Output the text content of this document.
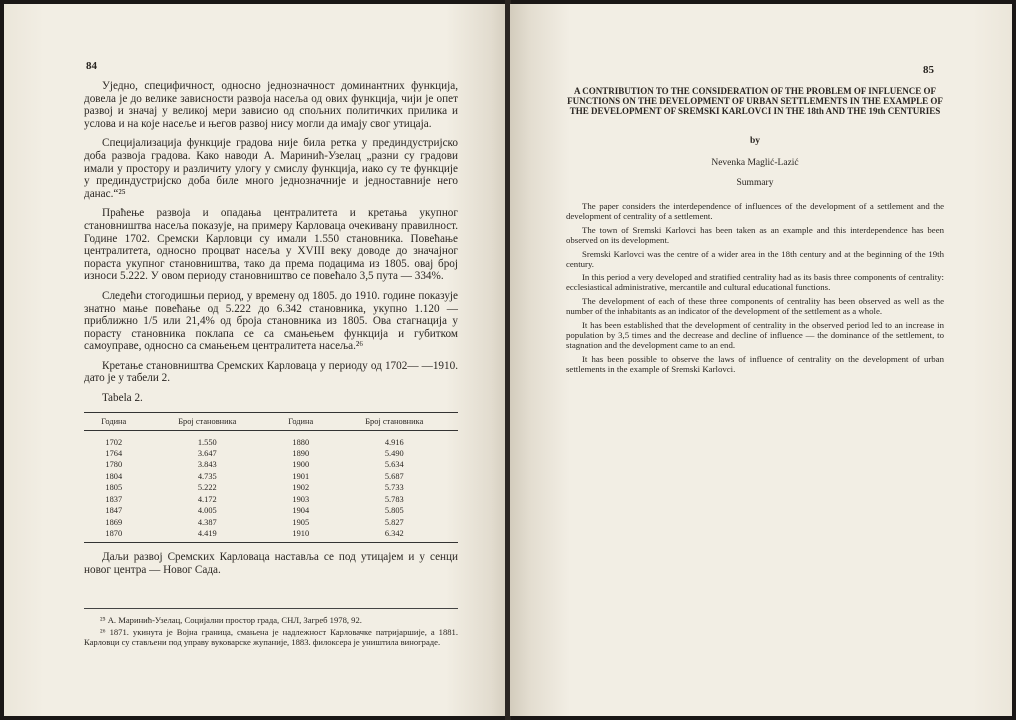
84	85

Уједно, специфичност, односно једнозначност доминантних функција, довела је до велике зависности развоја насеља од ових функција, чији је опет развој и значај у великој мери зависио од спољних политичких прилика и услова и на које насеље и његов развој нису могли да имају свог утицаја.

Специјализација функције градова није била ретка у прединдустријско доба развоја градова. Како наводи А. Маринић-Узелац „разни су градови имали у простору и различиту улогу у смислу функција, иако су те функције у прединдустријско доба биле много једнозначније и једноставније него данас.“²⁵

Праћење развоја и опадања централитета и кретања укупног становништва насеља показује, на примеру Карловаца очекивану правилност. Године 1702. Сремски Карловци су имали 1.550 становника. Повећање централитета, односно процват насеља у XVIII веку доводе до значајног пораста укупног становништва, тако да према подацима из 1805. овај број износи 5.222. У овом периоду становништво се повећало 3,5 пута — 334%.

Следећи стогодишњи период, у времену од 1805. до 1910. године показује знатно мање повећање од 5.222 до 6.342 становника, укупно 1.120 — приближно 1/5 или 21,4% од броја становника из 1805. Ова стагнација у порасту становника поклапа се са смањењем функција и губитком самоуправе, односно са смањењем централитета насеља.²⁶

Кретање становништва Сремских Карловаца у периоду од 1702— —1910. дато је у табели 2.

Tabela 2.

Година	Број становника	Година	Број становника
1702	1.550	1880	4.916
1764	3.647	1890	5.490
1780	3.843	1900	5.634
1804	4.735	1901	5.687
1805	5.222	1902	5.733
1837	4.172	1903	5.783
1847	4.005	1904	5.805
1869	4.387	1905	5.827
1870	4.419	1910	6.342

Даљи развој Сремских Карловаца наставља се под утицајем и у сенци новог центра — Новог Сада.

²⁵ А. Маринић-Узелац, Социјални простор града, СНЛ, Загреб 1978, 92.

²⁶ 1871. укинута је Војна граница, смањена је надлежност Карловачке патријаршије, а 1881. Карловци су стављени под управу вуковарске жупаније, 1883. филоксера је уништила винограде.

A CONTRIBUTION TO THE CONSIDERATION OF THE PROBLEM OF INFLUENCE OF FUNCTIONS ON THE DEVELOPMENT OF URBAN SETTLEMENTS IN THE EXAMPLE OF THE DEVELOPMENT OF SREMSKI KARLOVCI IN THE 18th AND THE 19th CENTURIES

by

Nevenka Maglić-Lazić

Summary

The paper considers the interdependence of influences of the development of a settlement and the development of centrality of a settlement.

The town of Sremski Karlovci has been taken as an example and this interdependence has been observed on its development.

Sremski Karlovci was the centre of a wider area in the 18th century and at the beginning of the 19th century.

In this period a very developed and stratified centrality had as its basis three components of centrality: ecclesiastical administrative, mercantile and cultural educational functions.

The development of each of these three components of centrality has been observed as well as the number of the inhabitants as an indicator of the development of the settlement as a whole.

It has been established that the development of centrality in the observed period led to an increase in population by 3,5 times and the decrease and decline of influence — the dominance of the settlement, to stagnation and the development came to an end.

It has been possible to observe the laws of influence of centrality on the development of urban settlements in the example of Sremski Karlovci.
